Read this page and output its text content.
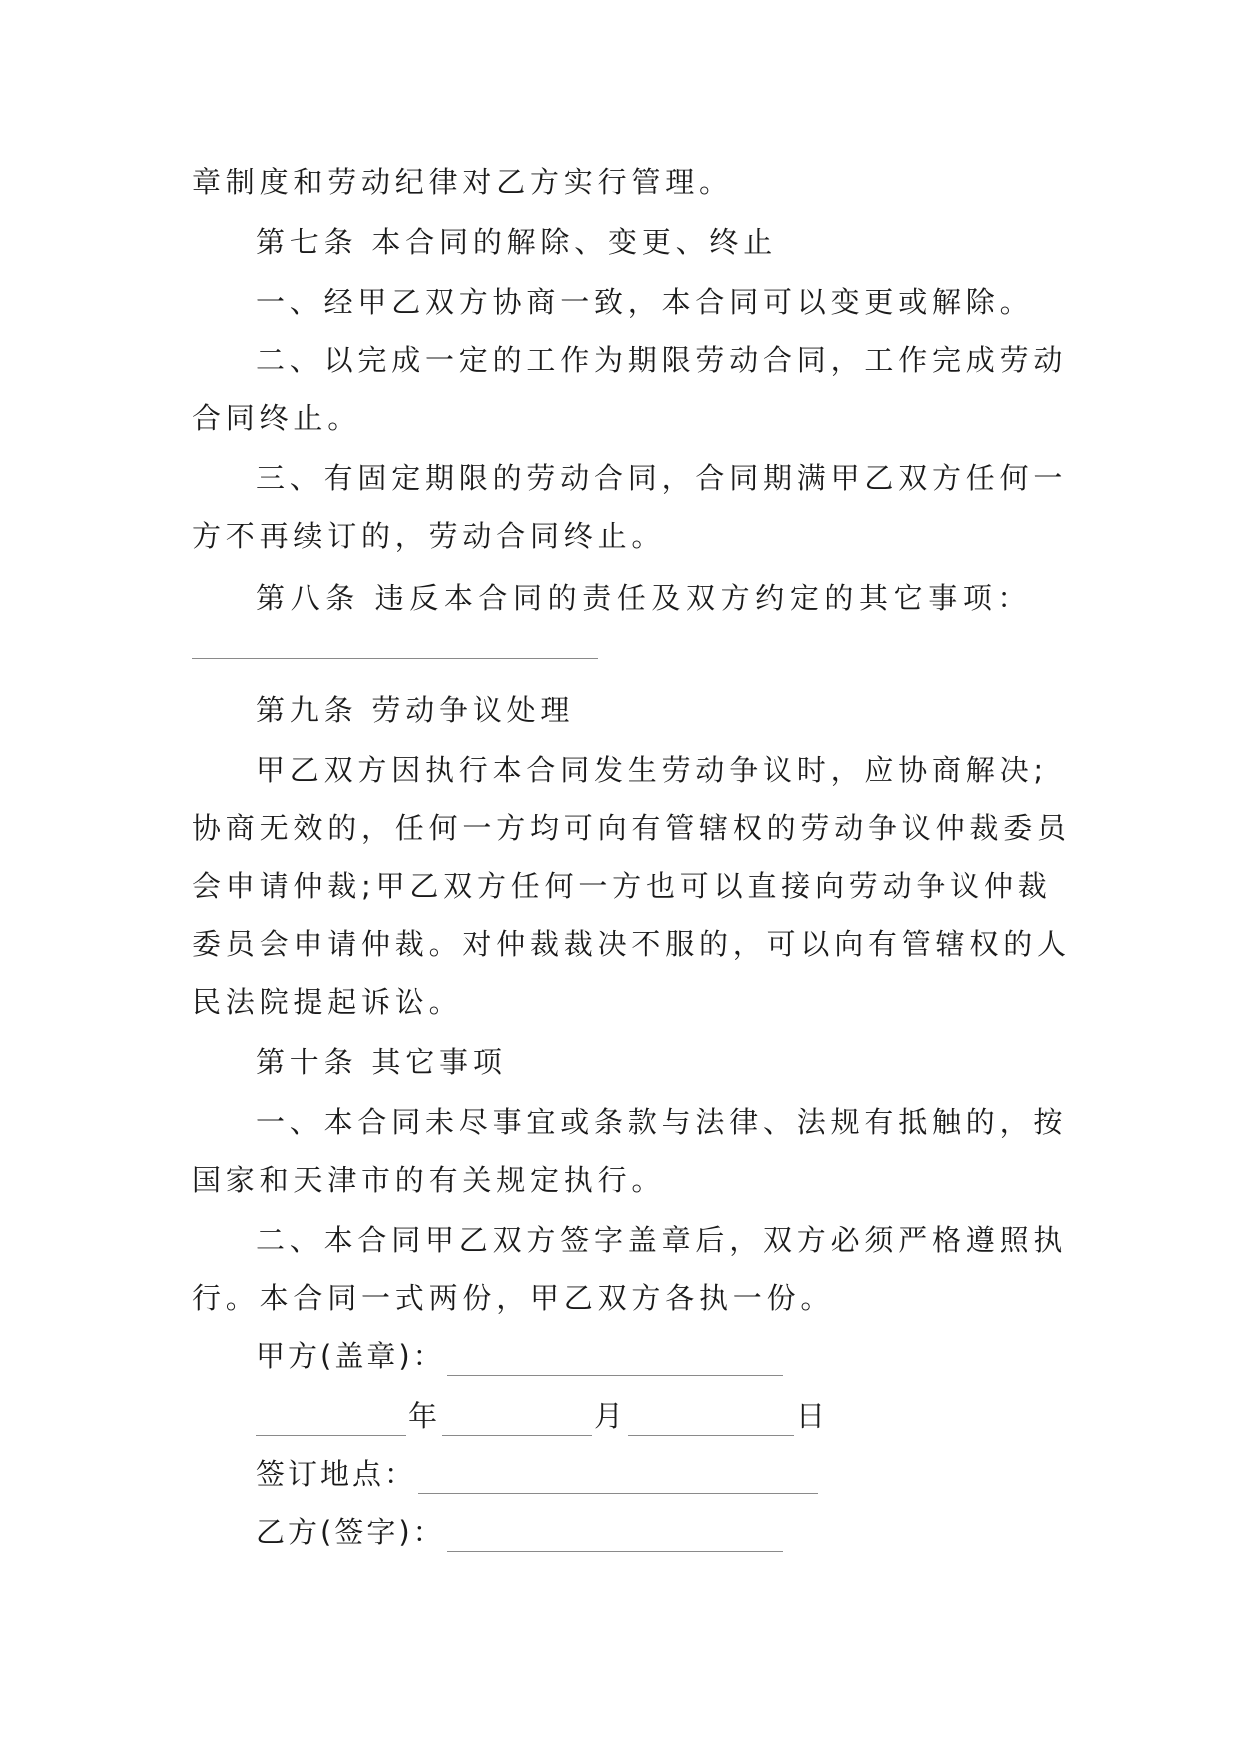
章制度和劳动纪律对乙方实行管理。
第七条 本合同的解除、变更、终止
一、经甲乙双方协商一致，本合同可以变更或解除。
二、以完成一定的工作为期限劳动合同，工作完成劳动
合同终止。
三、有固定期限的劳动合同，合同期满甲乙双方任何一
方不再续订的，劳动合同终止。
第八条 违反本合同的责任及双方约定的其它事项：
第九条 劳动争议处理
甲乙双方因执行本合同发生劳动争议时，应协商解决;
协商无效的，任何一方均可向有管辖权的劳动争议仲裁委员
会申请仲裁;甲乙双方任何一方也可以直接向劳动争议仲裁
委员会申请仲裁。对仲裁裁决不服的，可以向有管辖权的人
民法院提起诉讼。
第十条 其它事项
一、本合同未尽事宜或条款与法律、法规有抵触的，按
国家和天津市的有关规定执行。
二、本合同甲乙双方签字盖章后，双方必须严格遵照执
行。本合同一式两份，甲乙双方各执一份。
甲方(盖章)：
年	月	日
签订地点：
乙方(签字)：
